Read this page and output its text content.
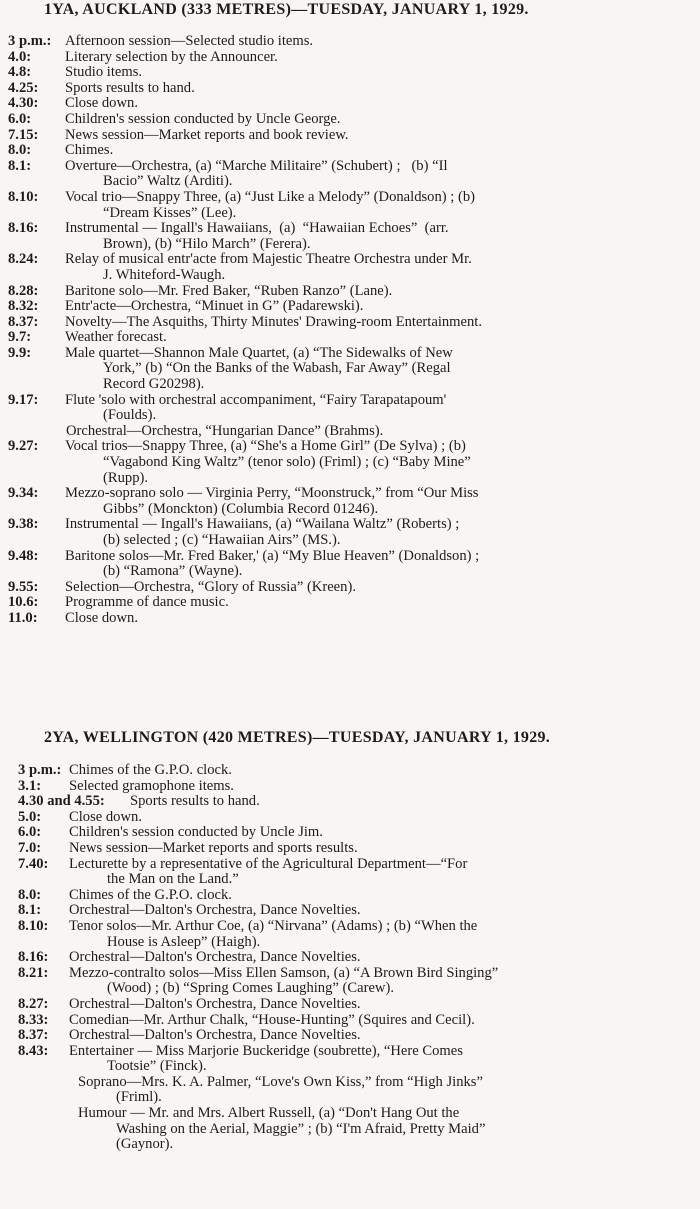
1YA, AUCKLAND (333 METRES)—TUESDAY, JANUARY 1, 1929.
3 p.m.: Afternoon session—Selected studio items.
4.0: Literary selection by the Announcer.
4.8: Studio items.
4.25: Sports results to hand.
4.30: Close down.
6.0: Children's session conducted by Uncle George.
7.15: News session—Market reports and book review.
8.0: Chimes.
8.1: Overture—Orchestra, (a) “Marche Militaire” (Schubert) ;   (b) “Il
Bacio” Waltz (Arditi).
8.10: Vocal trio—Snappy Three, (a) “Just Like a Melody” (Donaldson) ; (b)
“Dream Kisses” (Lee).
8.16: Instrumental — Ingall's Hawaiians,  (a)  “Hawaiian Echoes”  (arr.
Brown), (b) “Hilo March” (Ferera).
8.24: Relay of musical entr'acte from Majestic Theatre Orchestra under Mr.
J. Whiteford-Waugh.
8.28: Baritone solo—Mr. Fred Baker, “Ruben Ranzo” (Lane).
8.32: Entr'acte—Orchestra, “Minuet in G” (Padarewski).
8.37: Novelty—The Asquiths, Thirty Minutes' Drawing-room Entertainment.
9.7: Weather forecast.
9.9: Male quartet—Shannon Male Quartet, (a) “The Sidewalks of New
York,” (b) “On the Banks of the Wabash, Far Away” (Regal
Record G20298).
9.17: Flute 'solo with orchestral accompaniment, “Fairy Tarapatapoum'
(Foulds).
Orchestral—Orchestra, “Hungarian Dance” (Brahms).
9.27: Vocal trios—Snappy Three, (a) “She's a Home Girl” (De Sylva) ; (b)
“Vagabond King Waltz” (tenor solo) (Friml) ; (c) “Baby Mine”
(Rupp).
9.34: Mezzo-soprano solo — Virginia Perry, “Moonstruck,” from “Our Miss
Gibbs” (Monckton) (Columbia Record 01246).
9.38: Instrumental — Ingall's Hawaiians, (a) “Wailana Waltz” (Roberts) ;
(b) selected ; (c) “Hawaiian Airs” (MS.).
9.48: Baritone solos—Mr. Fred Baker,' (a) “My Blue Heaven” (Donaldson) ;
(b) “Ramona” (Wayne).
9.55: Selection—Orchestra, “Glory of Russia” (Kreen).
10.6: Programme of dance music.
11.0: Close down.
2YA, WELLINGTON (420 METRES)—TUESDAY, JANUARY 1, 1929.
3 p.m.: Chimes of the G.P.O. clock.
3.1: Selected gramophone items.
4.30 and 4.55: Sports results to hand.
5.0: Close down.
6.0: Children's session conducted by Uncle Jim.
7.0: News session—Market reports and sports results.
7.40: Lecturette by a representative of the Agricultural Department—“For
the Man on the Land.”
8.0: Chimes of the G.P.O. clock.
8.1: Orchestral—Dalton's Orchestra, Dance Novelties.
8.10: Tenor solos—Mr. Arthur Coe, (a) “Nirvana” (Adams) ; (b) “When the
House is Asleep” (Haigh).
8.16: Orchestral—Dalton's Orchestra, Dance Novelties.
8.21: Mezzo-contralto solos—Miss Ellen Samson, (a) “A Brown Bird Singing”
(Wood) ; (b) “Spring Comes Laughing” (Carew).
8.27: Orchestral—Dalton's Orchestra, Dance Novelties.
8.33: Comedian—Mr. Arthur Chalk, “House-Hunting” (Squires and Cecil).
8.37: Orchestral—Dalton's Orchestra, Dance Novelties.
8.43: Entertainer — Miss Marjorie Buckeridge (soubrette), “Here Comes
Tootsie” (Finck).
Soprano—Mrs. K. A. Palmer, “Love's Own Kiss,” from “High Jinks”
(Friml).
Humour — Mr. and Mrs. Albert Russell, (a) “Don't Hang Out the
Washing on the Aerial, Maggie” ; (b) “I'm Afraid, Pretty Maid”
(Gaynor).
